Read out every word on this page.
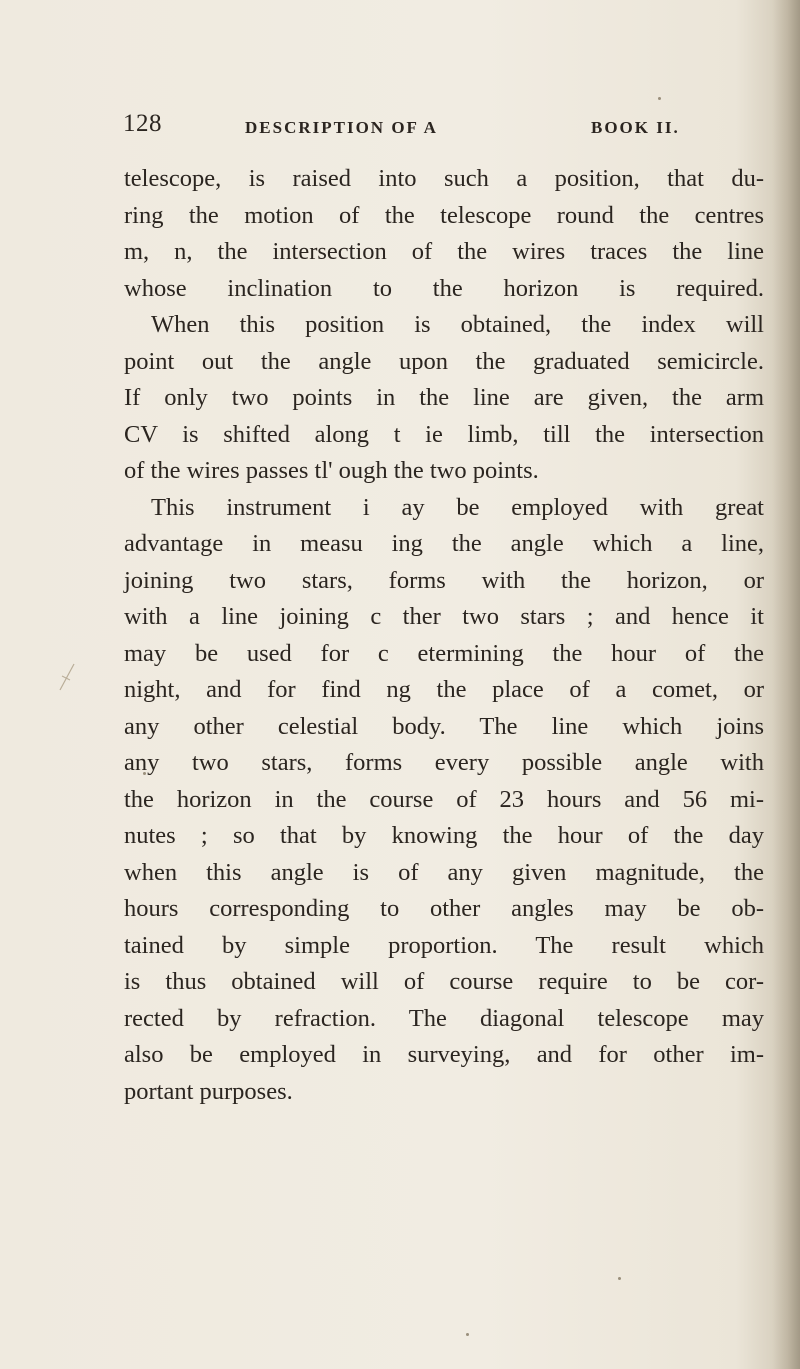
128	DESCRIPTION OF A	BOOK II.
telescope, is raised into such a position, that du-
ring the motion of the telescope round the centres
m, n, the intersection of the wires traces the line
whose inclination to the horizon is required.
When this position is obtained, the index will
point out the angle upon the graduated semicircle.
If only two points in the line are given, the arm
CV is shifted along t ie limb, till the intersection
of the wires passes tl' ough the two points.
This instrument i ay be employed with great
advantage in measu ing the angle which a line,
joining two stars, forms with the horizon, or
with a line joining c ther two stars ; and hence it
may be used for c etermining the hour of the
night, and for find ng the place of a comet, or
any other celestial body. The line which joins
any two stars, forms every possible angle with
the horizon in the course of 23 hours and 56 mi-
nutes ; so that by knowing the hour of the day
when this angle is of any given magnitude, the
hours corresponding to other angles may be ob-
tained by simple proportion. The result which
is thus obtained will of course require to be cor-
rected by refraction. The diagonal telescope may
also be employed in surveying, and for other im-
portant purposes.
